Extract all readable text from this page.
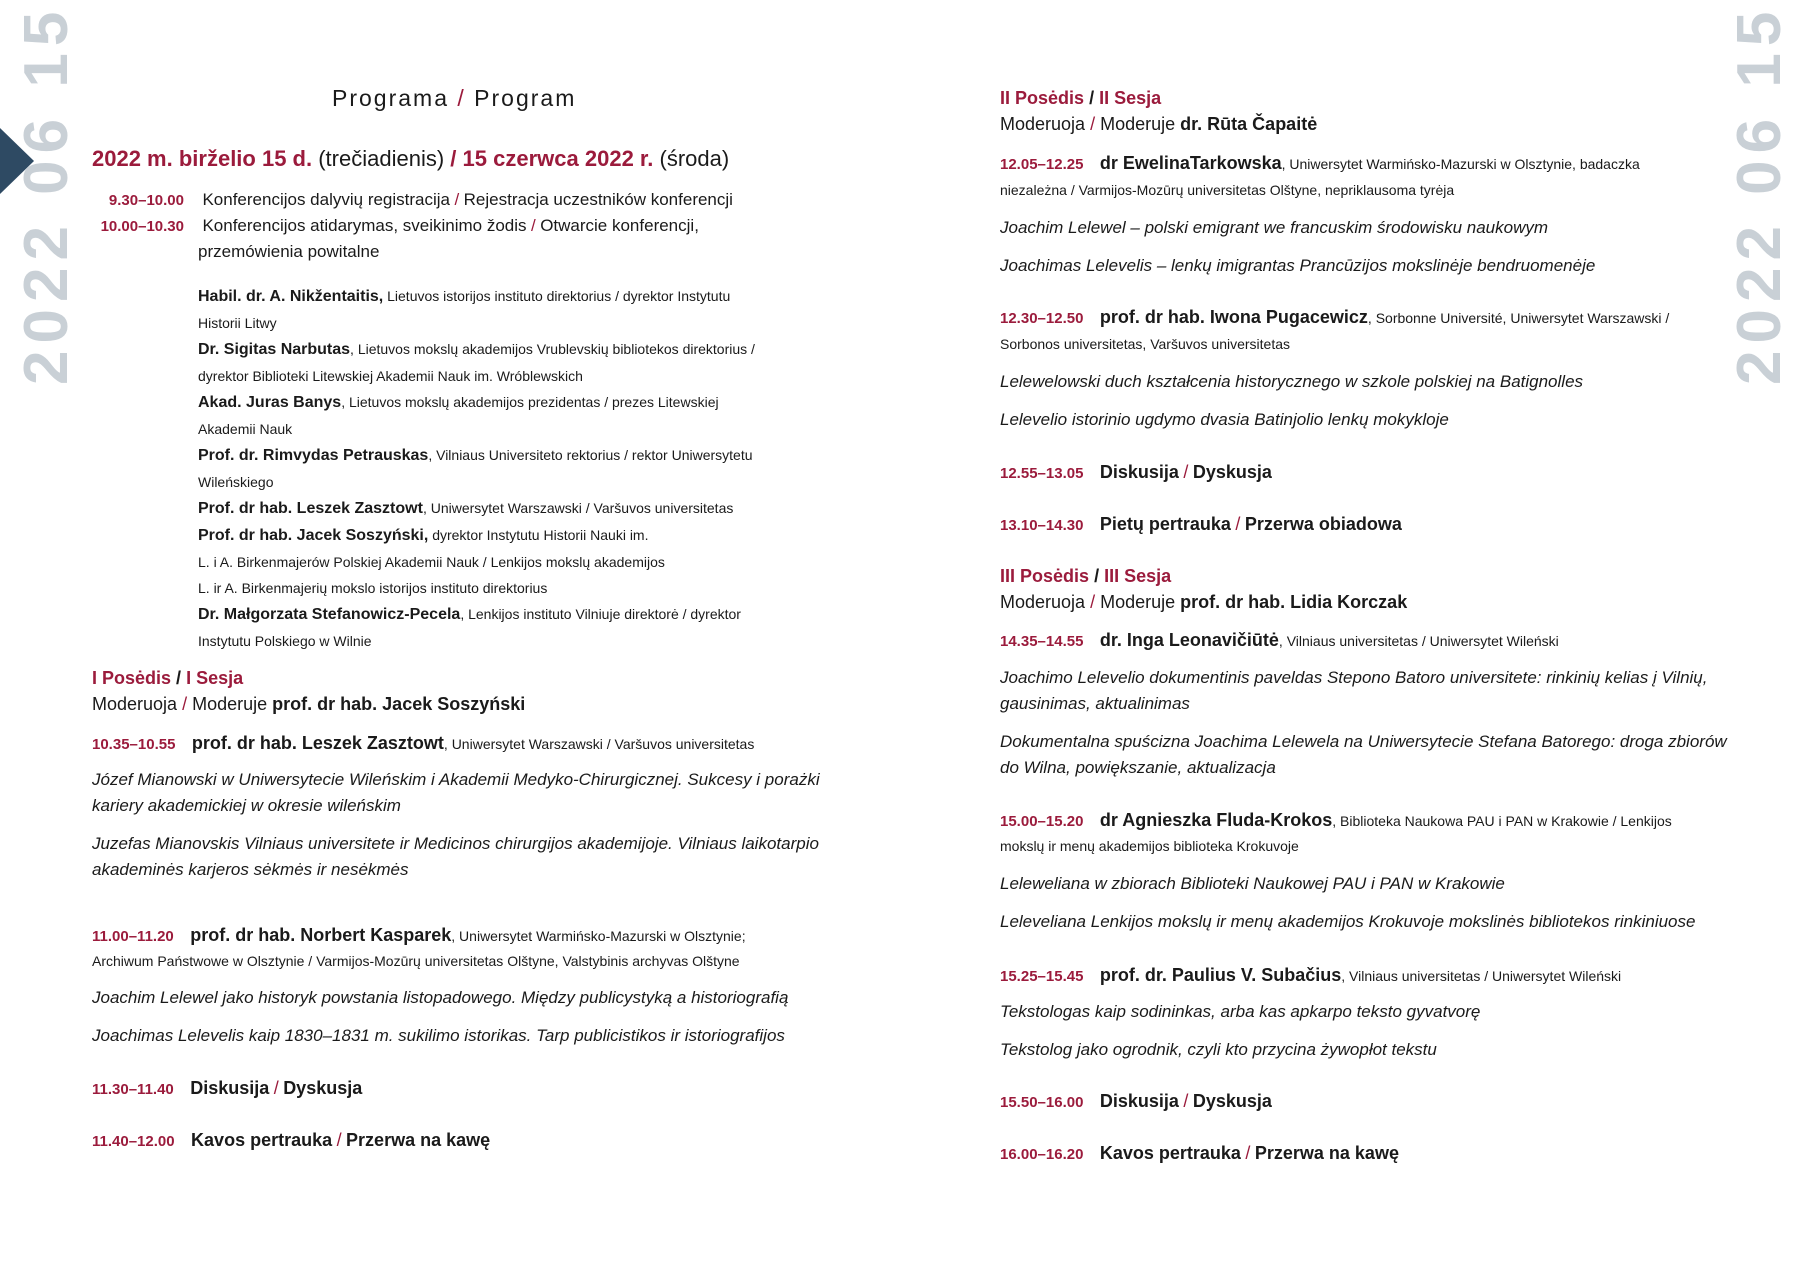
2022 06 15	2022 06 15
Programa / Program
2022 m. birželio 15 d. (trečiadienis) / 15 czerwca 2022 r. (środa)
9.30–10.00 Konferencijos dalyvių registracija / Rejestracja uczestników konferencji
10.00–10.30 Konferencijos atidarymas, sveikinimo žodis / Otwarcie konferencji,
przemówienia powitalne
Habil. dr. A. Nikžentaitis, Lietuvos istorijos instituto direktorius / dyrektor Instytutu
Historii Litwy
Dr. Sigitas Narbutas, Lietuvos mokslų akademijos Vrublevskių bibliotekos direktorius /
dyrektor Biblioteki Litewskiej Akademii Nauk im. Wróblewskich
Akad. Juras Banys, Lietuvos mokslų akademijos prezidentas / prezes Litewskiej
Akademii Nauk
Prof. dr. Rimvydas Petrauskas, Vilniaus Universiteto rektorius / rektor Uniwersytetu
Wileńskiego
Prof. dr hab. Leszek Zasztowt, Uniwersytet Warszawski / Varšuvos universitetas
Prof. dr hab. Jacek Soszyński, dyrektor Instytutu Historii Nauki im.
L. i A. Birkenmajerów Polskiej Akademii Nauk / Lenkijos mokslų akademijos
L. ir A. Birkenmajerių mokslo istorijos instituto direktorius
Dr. Małgorzata Stefanowicz-Pecela, Lenkijos instituto Vilniuje direktorė / dyrektor
Instytutu Polskiego w Wilnie
I Posėdis / I Sesja
Moderuoja / Moderuje prof. dr hab. Jacek Soszyński
10.35–10.55 prof. dr hab. Leszek Zasztowt, Uniwersytet Warszawski / Varšuvos universitetas
Józef Mianowski w Uniwersytecie Wileńskim i Akademii Medyko-Chirurgicznej. Sukcesy i porażki
kariery akademickiej w okresie wileńskim
Juzefas Mianovskis Vilniaus universitete ir Medicinos chirurgijos akademijoje. Vilniaus laikotarpio
akademinės karjeros sėkmės ir nesėkmės
11.00–11.20 prof. dr hab. Norbert Kasparek, Uniwersytet Warmińsko-Mazurski w Olsztynie;
Archiwum Państwowe w Olsztynie / Varmijos-Mozūrų universitetas Olštyne, Valstybinis archyvas Olštyne
Joachim Lelewel jako historyk powstania listopadowego. Między publicystyką a historiografią
Joachimas Lelevelis kaip 1830–1831 m. sukilimo istorikas. Tarp publicistikos ir istoriografijos
11.30–11.40 Diskusija / Dyskusja
11.40–12.00 Kavos pertrauka / Przerwa na kawę
II Posėdis / II Sesja
Moderuoja / Moderuje dr. Rūta Čapaitė
12.05–12.25 dr EwelinaTarkowska, Uniwersytet Warmińsko-Mazurski w Olsztynie, badaczka
niezależna / Varmijos-Mozūrų universitetas Olštyne, nepriklausoma tyrėja
Joachim Lelewel – polski emigrant we francuskim środowisku naukowym
Joachimas Lelevelis – lenkų imigrantas Prancūzijos mokslinėje bendruomenėje
12.30–12.50 prof. dr hab. Iwona Pugacewicz, Sorbonne Université, Uniwersytet Warszawski /
Sorbonos universitetas, Varšuvos universitetas
Lelewelowski duch kształcenia historycznego w szkole polskiej na Batignolles
Lelevelio istorinio ugdymo dvasia Batinjolio lenkų mokykloje
12.55–13.05 Diskusija / Dyskusja
13.10–14.30 Pietų pertrauka / Przerwa obiadowa
III Posėdis / III Sesja
Moderuoja / Moderuje prof. dr hab. Lidia Korczak
14.35–14.55 dr. Inga Leonavičiūtė, Vilniaus universitetas / Uniwersytet Wileński
Joachimo Lelevelio dokumentinis paveldas Stepono Batoro universitete: rinkinių kelias į Vilnių,
gausinimas, aktualinimas
Dokumentalna spuścizna Joachima Lelewela na Uniwersytecie Stefana Batorego: droga zbiorów
do Wilna, powiększanie, aktualizacja
15.00–15.20 dr Agnieszka Fluda-Krokos, Biblioteka Naukowa PAU i PAN w Krakowie / Lenkijos
mokslų ir menų akademijos biblioteka Krokuvoje
Leleweliana w zbiorach Biblioteki Naukowej PAU i PAN w Krakowie
Leleveliana Lenkijos mokslų ir menų akademijos Krokuvoje mokslinės bibliotekos rinkiniuose
15.25–15.45 prof. dr. Paulius V. Subačius, Vilniaus universitetas / Uniwersytet Wileński
Tekstologas kaip sodininkas, arba kas apkarpo teksto gyvatvorę
Tekstolog jako ogrodnik, czyli kto przycina żywopłot tekstu
15.50–16.00 Diskusija / Dyskusja
16.00–16.20 Kavos pertrauka / Przerwa na kawę
